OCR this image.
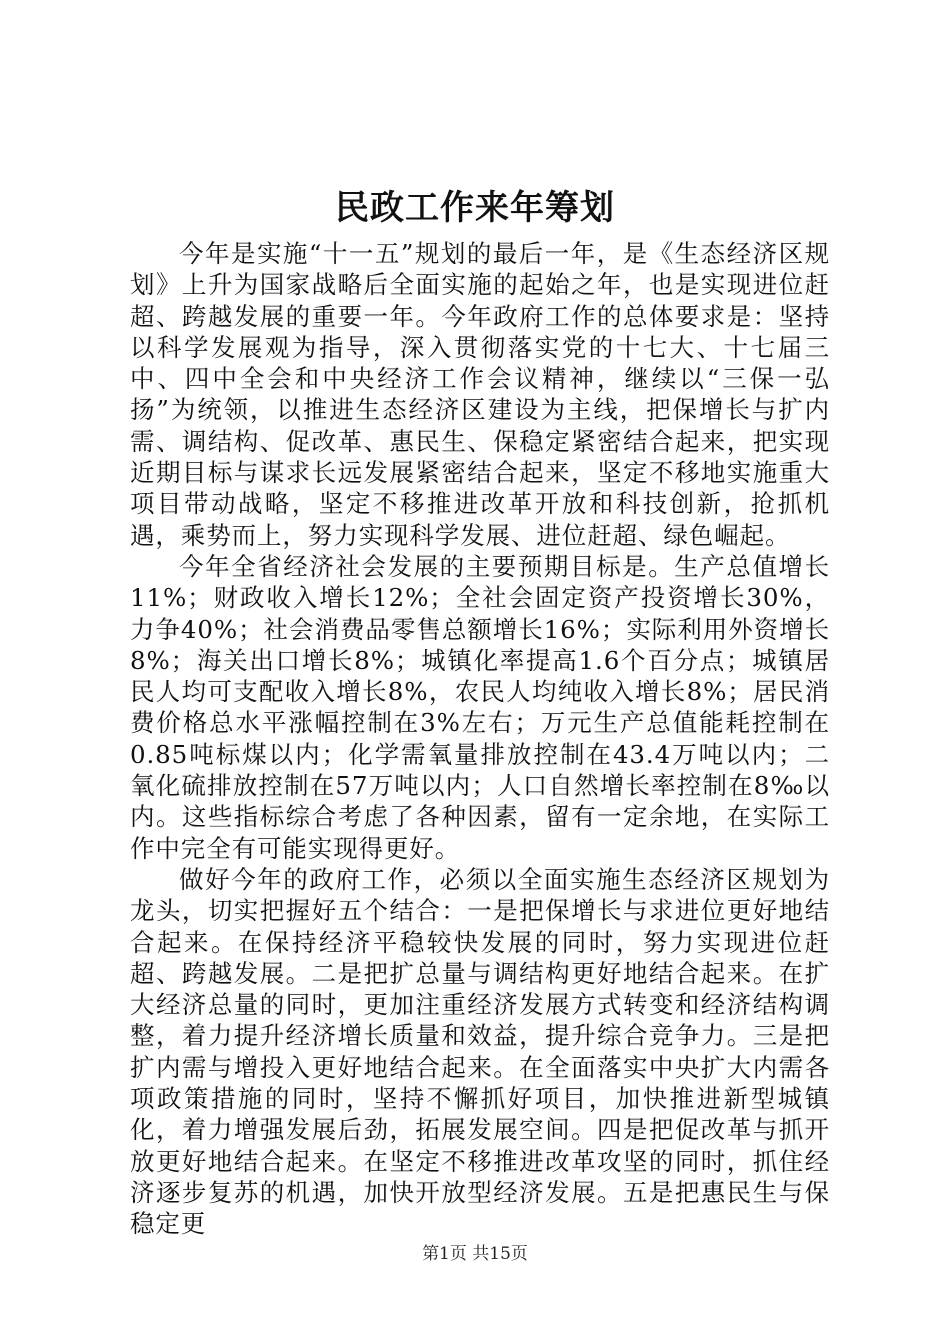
民政工作来年筹划

今年是实施“十一五”规划的最后一年，是《生态经济区规划》上升为国家战略后全面实施的起始之年，也是实现进位赶超、跨越发展的重要一年。今年政府工作的总体要求是：坚持以科学发展观为指导，深入贯彻落实党的十七大、十七届三中、四中全会和中央经济工作会议精神，继续以“三保一弘扬”为统领，以推进生态经济区建设为主线，把保增长与扩内需、调结构、促改革、惠民生、保稳定紧密结合起来，把实现近期目标与谋求长远发展紧密结合起来，坚定不移地实施重大项目带动战略，坚定不移推进改革开放和科技创新，抢抓机遇，乘势而上，努力实现科学发展、进位赶超、绿色崛起。

今年全省经济社会发展的主要预期目标是。生产总值增长11%；财政收入增长12%；全社会固定资产投资增长30%，力争40%；社会消费品零售总额增长16%；实际利用外资增长8%；海关出口增长8%；城镇化率提高1.6个百分点；城镇居民人均可支配收入增长8%，农民人均纯收入增长8%；居民消费价格总水平涨幅控制在3%左右；万元生产总值能耗控制在0.85吨标煤以内；化学需氧量排放控制在43.4万吨以内；二氧化硫排放控制在57万吨以内；人口自然增长率控制在8‰以内。这些指标综合考虑了各种因素，留有一定余地，在实际工作中完全有可能实现得更好。

做好今年的政府工作，必须以全面实施生态经济区规划为龙头，切实把握好五个结合：一是把保增长与求进位更好地结合起来。在保持经济平稳较快发展的同时，努力实现进位赶超、跨越发展。二是把扩总量与调结构更好地结合起来。在扩大经济总量的同时，更加注重经济发展方式转变和经济结构调整，着力提升经济增长质量和效益，提升综合竞争力。三是把扩内需与增投入更好地结合起来。在全面落实中央扩大内需各项政策措施的同时，坚持不懈抓好项目，加快推进新型城镇化，着力增强发展后劲，拓展发展空间。四是把促改革与抓开放更好地结合起来。在坚定不移推进改革攻坚的同时，抓住经济逐步复苏的机遇，加快开放型经济发展。五是把惠民生与保稳定更

第1页 共15页
